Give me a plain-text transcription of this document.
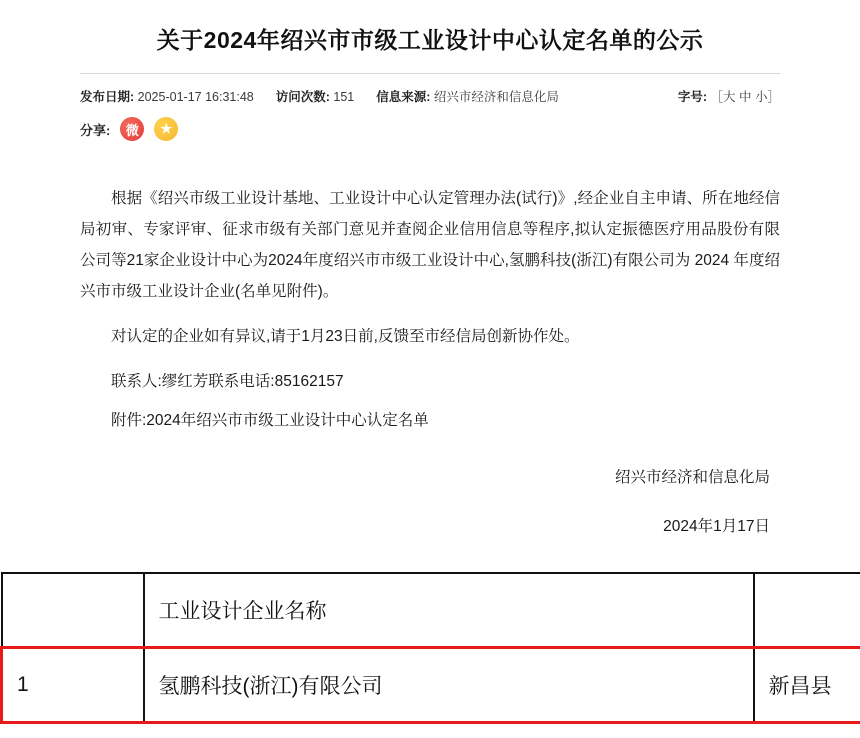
关于2024年绍兴市市级工业设计中心认定名单的公示
发布日期: 2025-01-17 16:31:48 访问次数: 151 信息来源: 绍兴市经济和信息化局	字号: ［大 中 小］
分享:	微	★
根据《绍兴市级工业设计基地、工业设计中心认定管理办法(试行)》,经企业自主申请、所在地经信局初审、专家评审、征求市级有关部门意见并查阅企业信用信息等程序,拟认定振德医疗用品股份有限公司等21家企业设计中心为2024年度绍兴市市级工业设计中心,氢鹏科技(浙江)有限公司为 2024 年度绍兴市市级工业设计企业(名单见附件)。
对认定的企业如有异议,请于1月23日前,反馈至市经信局创新协作处。
联系人:缪红芳联系电话:85162157
附件:2024年绍兴市市级工业设计中心认定名单
绍兴市经济和信息化局
2024年1月17日
	工业设计企业名称	
1	氢鹏科技(浙江)有限公司	新昌县
